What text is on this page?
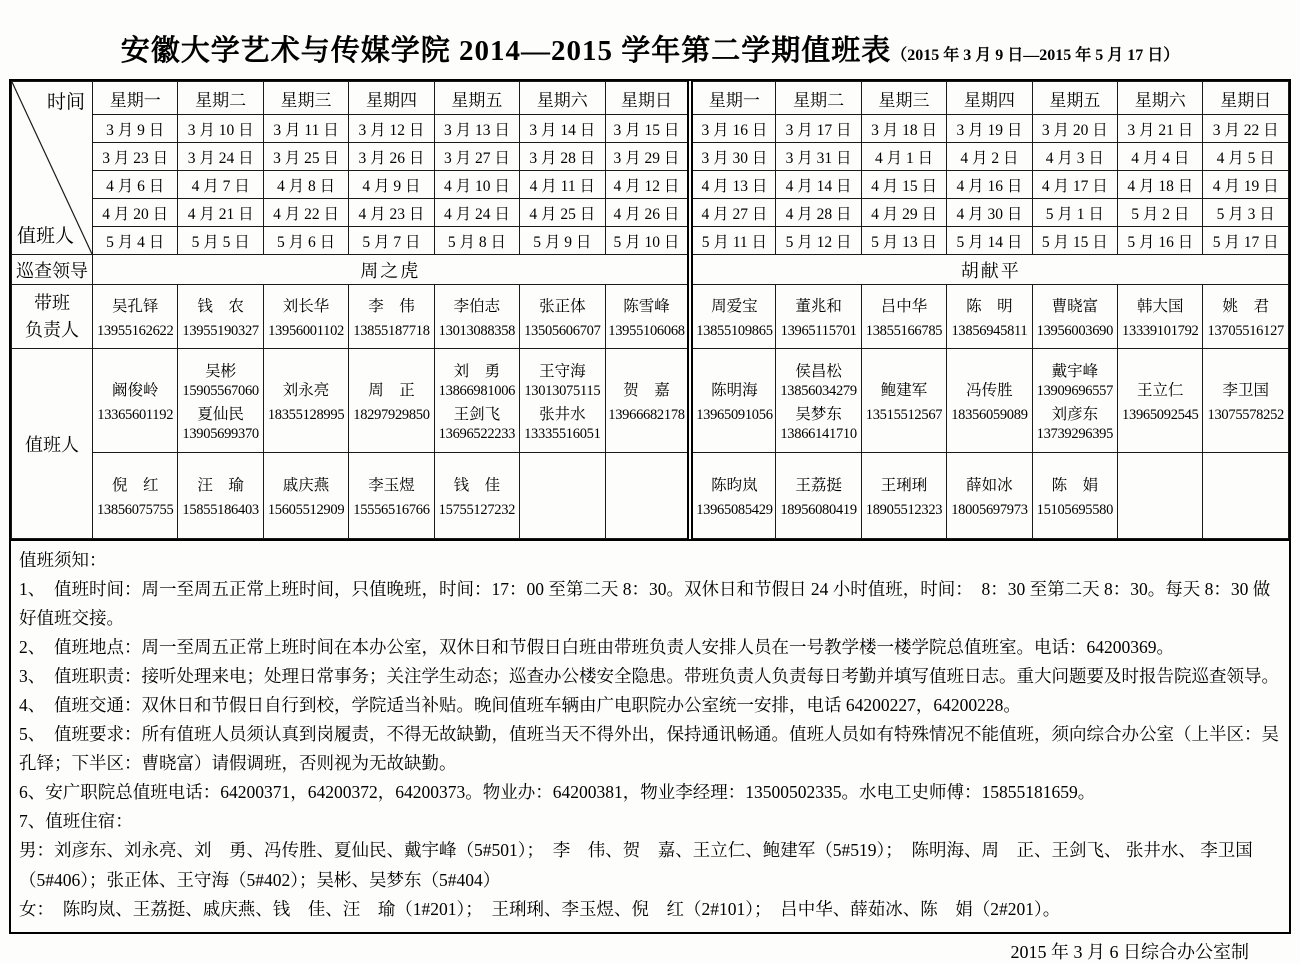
安徽大学艺术与传媒学院 2014—2015 学年第二学期值班表（2015 年 3 月 9 日—2015 年 5 月 17 日）
时间
值班人	星期一	星期二	星期三	星期四	星期五	星期六	星期日	星期一	星期二	星期三	星期四	星期五	星期六	星期日
	3 月 9 日	3 月 10 日	3 月 11 日	3 月 12 日	3 月 13 日	3 月 14 日	3 月 15 日	3 月 16 日	3 月 17 日	3 月 18 日	3 月 19 日	3 月 20 日	3 月 21 日	3 月 22 日
	3 月 23 日	3 月 24 日	3 月 25 日	3 月 26 日	3 月 27 日	3 月 28 日	3 月 29 日	3 月 30 日	3 月 31 日	4 月 1 日	4 月 2 日	4 月 3 日	4 月 4 日	4 月 5 日
	4 月 6 日	4 月 7 日	4 月 8 日	4 月 9 日	4 月 10 日	4 月 11 日	4 月 12 日	4 月 13 日	4 月 14 日	4 月 15 日	4 月 16 日	4 月 17 日	4 月 18 日	4 月 19 日
	4 月 20 日	4 月 21 日	4 月 22 日	4 月 23 日	4 月 24 日	4 月 25 日	4 月 26 日	4 月 27 日	4 月 28 日	4 月 29 日	4 月 30 日	5 月 1 日	5 月 2 日	5 月 3 日
	5 月 4 日	5 月 5 日	5 月 6 日	5 月 7 日	5 月 8 日	5 月 9 日	5 月 10 日	5 月 11 日	5 月 12 日	5 月 13 日	5 月 14 日	5 月 15 日	5 月 16 日	5 月 17 日
巡查领导	周之虎							胡献平						

带班
负责人

吴孔铎
13955162622

钱　农
13955190327

刘长华
13956001102

李　伟
13855187718

李伯志
13013088358

张正体
13505606707

陈雪峰
13955106068

周爱宝
13855109865

董兆和
13965115701

吕中华
13855166785

陈　明
13856945811

曹晓富
13956003690

韩大国
13339101792

姚　君
13705516127

值班人	
阚俊岭
13365601192

吴彬
15905567060
夏仙民
13905699370

刘永亮
18355128995

周　正
18297929850

刘　勇
13866981006
王剑飞
13696522233

王守海
13013075115
张井水
13335516051

贺　嘉
13966682178

陈明海
13965091056

侯昌松
13856034279
吴梦东
13866141710

鲍建军
13515512567

冯传胜
18356059089

戴宇峰
13909696557
刘彦东
13739296395

王立仁
13965092545

李卫国
13075578252

倪　红
13856075755

汪　瑜
15855186403

戚庆燕
15605512909

李玉煜
15556516766

钱　佳
15755127232

陈昀岚
13965085429

王荔挺
18956080419

王琍琍
18905512323

薛如冰
18005697973

陈　娟
15105695580

值班须知：

1、　值班时间：周一至周五正常上班时间，只值晚班，时间：17：00 至第二天 8：30。双休日和节假日 24 小时值班，时间：　8：30 至第二天 8：30。每天 8：30 做好值班交接。

2、　值班地点：周一至周五正常上班时间在本办公室，双休日和节假日白班由带班负责人安排人员在一号教学楼一楼学院总值班室。电话：64200369。

3、　值班职责：接听处理来电；处理日常事务；关注学生动态；巡查办公楼安全隐患。带班负责人负责每日考勤并填写值班日志。重大问题要及时报告院巡查领导。

4、　值班交通：双休日和节假日自行到校，学院适当补贴。晚间值班车辆由广电职院办公室统一安排，电话 64200227，64200228。

5、　值班要求：所有值班人员须认真到岗履责，不得无故缺勤，值班当天不得外出，保持通讯畅通。值班人员如有特殊情况不能值班，须向综合办公室（上半区：吴孔铎；下半区：曹晓富）请假调班，否则视为无故缺勤。

6、安广职院总值班电话：64200371，64200372，64200373。物业办：64200381，物业李经理：13500502335。水电工史师傅：15855181659。

7、值班住宿：

男：刘彦东、刘永亮、刘　勇、冯传胜、夏仙民、戴宇峰（5#501）；　李　伟、贺　嘉、王立仁、鲍建军（5#519）；　陈明海、周　正、王剑飞、 张井水、 李卫国（5#406）；张正体、王守海（5#402）；吴彬、吴梦东（5#404）

女：　陈昀岚、王荔挺、戚庆燕、钱　佳、汪　瑜（1#201）；　王琍琍、李玉煜、倪　红（2#101）；　吕中华、薛茹冰、陈　娟（2#201）。

2015 年 3 月 6 日综合办公室制
